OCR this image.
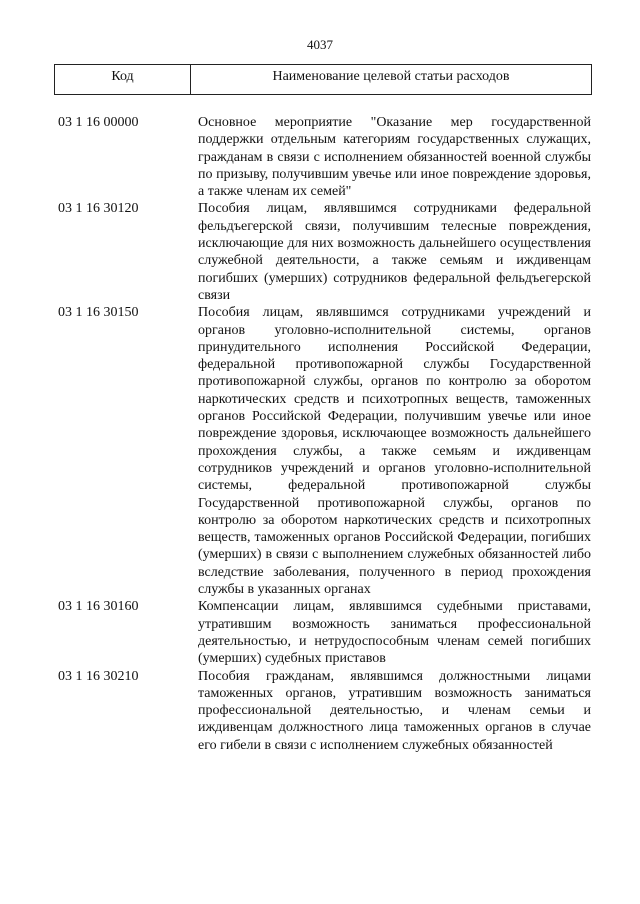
4037
Код	Наименование целевой статьи расходов
03 1 16 00000	Основное мероприятие "Оказание мер государственной поддержки отдельным категориям государственных служащих, гражданам в связи с исполнением обязанностей военной службы по призыву, получившим увечье или иное повреждение здоровья, а также членам их семей"
03 1 16 30120	Пособия лицам, являвшимся сотрудниками федеральной фельдъегерской связи, получившим телесные повреждения, исключающие для них возможность дальнейшего осуществления служебной деятельности, а также семьям и иждивенцам погибших (умерших) сотрудников федеральной фельдъегерской связи
03 1 16 30150	Пособия лицам, являвшимся сотрудниками учреждений и органов уголовно-исполнительной системы, органов принудительного исполнения Российской Федерации, федеральной противопожарной службы Государственной противопожарной службы, органов по контролю за оборотом наркотических средств и психотропных веществ, таможенных органов Российской Федерации, получившим увечье или иное повреждение здоровья, исключающее возможность дальнейшего прохождения службы, а также семьям и иждивенцам сотрудников учреждений и органов уголовно-исполнительной системы, федеральной противопожарной службы Государственной противопожарной службы, органов по контролю за оборотом наркотических средств и психотропных веществ, таможенных органов Российской Федерации, погибших (умерших) в связи с выполнением служебных обязанностей либо вследствие заболевания, полученного в период прохождения службы в указанных органах
03 1 16 30160	Компенсации лицам, являвшимся судебными приставами, утратившим возможность заниматься профессиональной деятельностью, и нетрудоспособным членам семей погибших (умерших) судебных приставов
03 1 16 30210	Пособия гражданам, являвшимся должностными лицами таможенных органов, утратившим возможность заниматься профессиональной деятельностью, и членам семьи и иждивенцам должностного лица таможенных органов в случае его гибели в связи с исполнением служебных обязанностей
